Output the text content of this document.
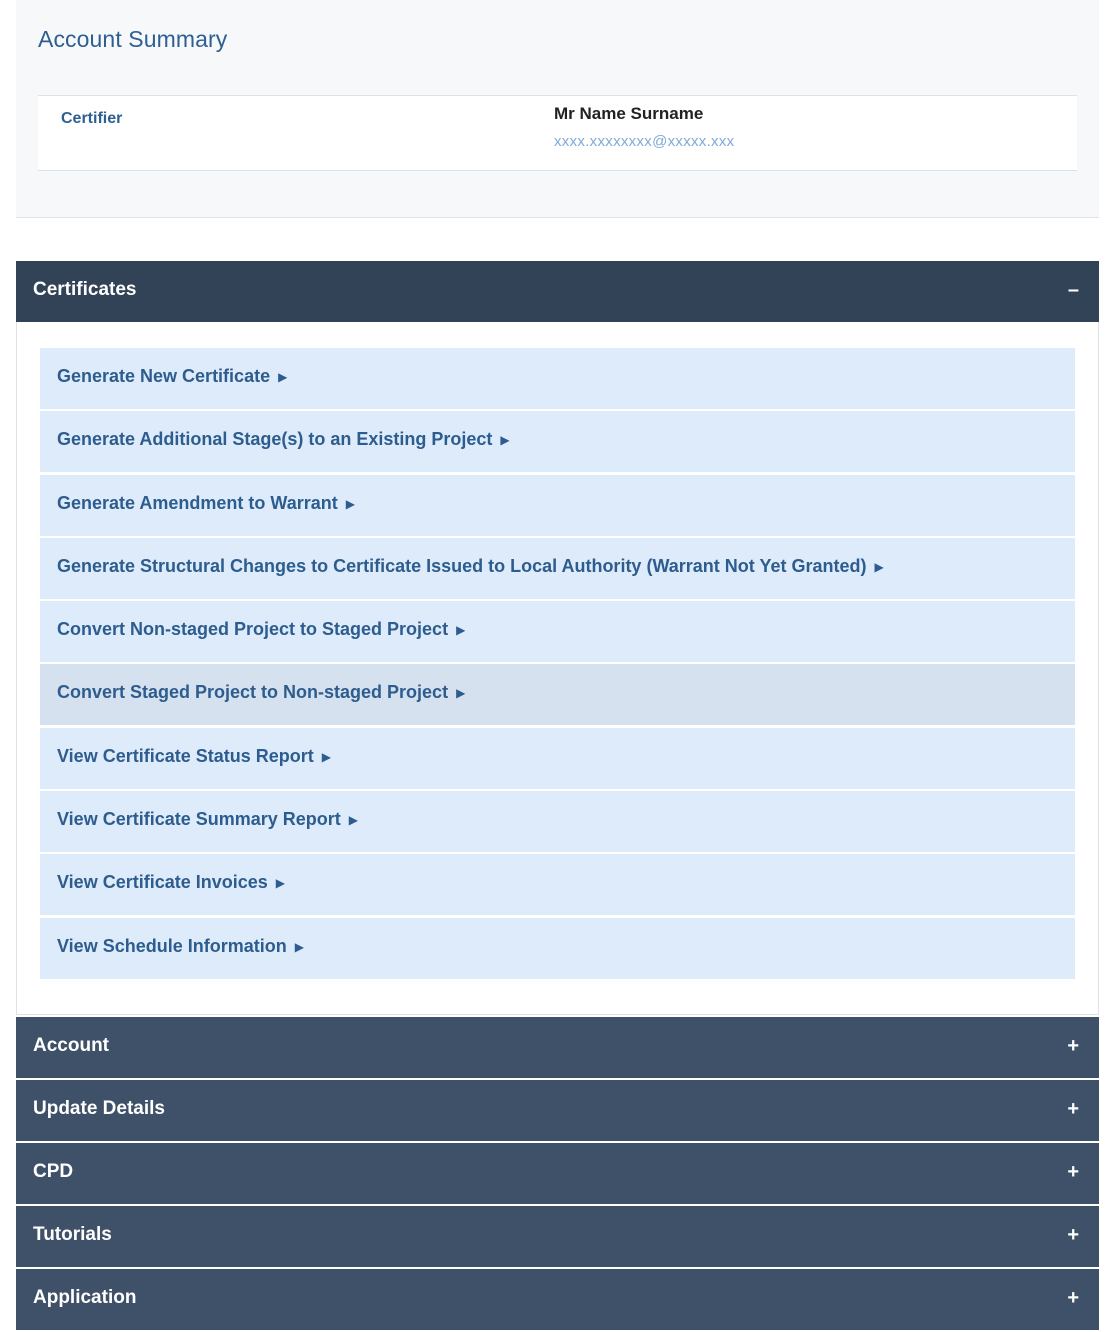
Account Summary
Certifier	Mr Name Surname
xxxx.xxxxxxxx@xxxxx.xxx
Certificates	–
Generate New Certificate ▶
Generate Additional Stage(s) to an Existing Project ▶
Generate Amendment to Warrant ▶
Generate Structural Changes to Certificate Issued to Local Authority (Warrant Not Yet Granted) ▶
Convert Non-staged Project to Staged Project ▶
Convert Staged Project to Non-staged Project ▶
View Certificate Status Report ▶
View Certificate Summary Report ▶
View Certificate Invoices ▶
View Schedule Information ▶
Account	+
Update Details	+
CPD	+
Tutorials	+
Application	+
